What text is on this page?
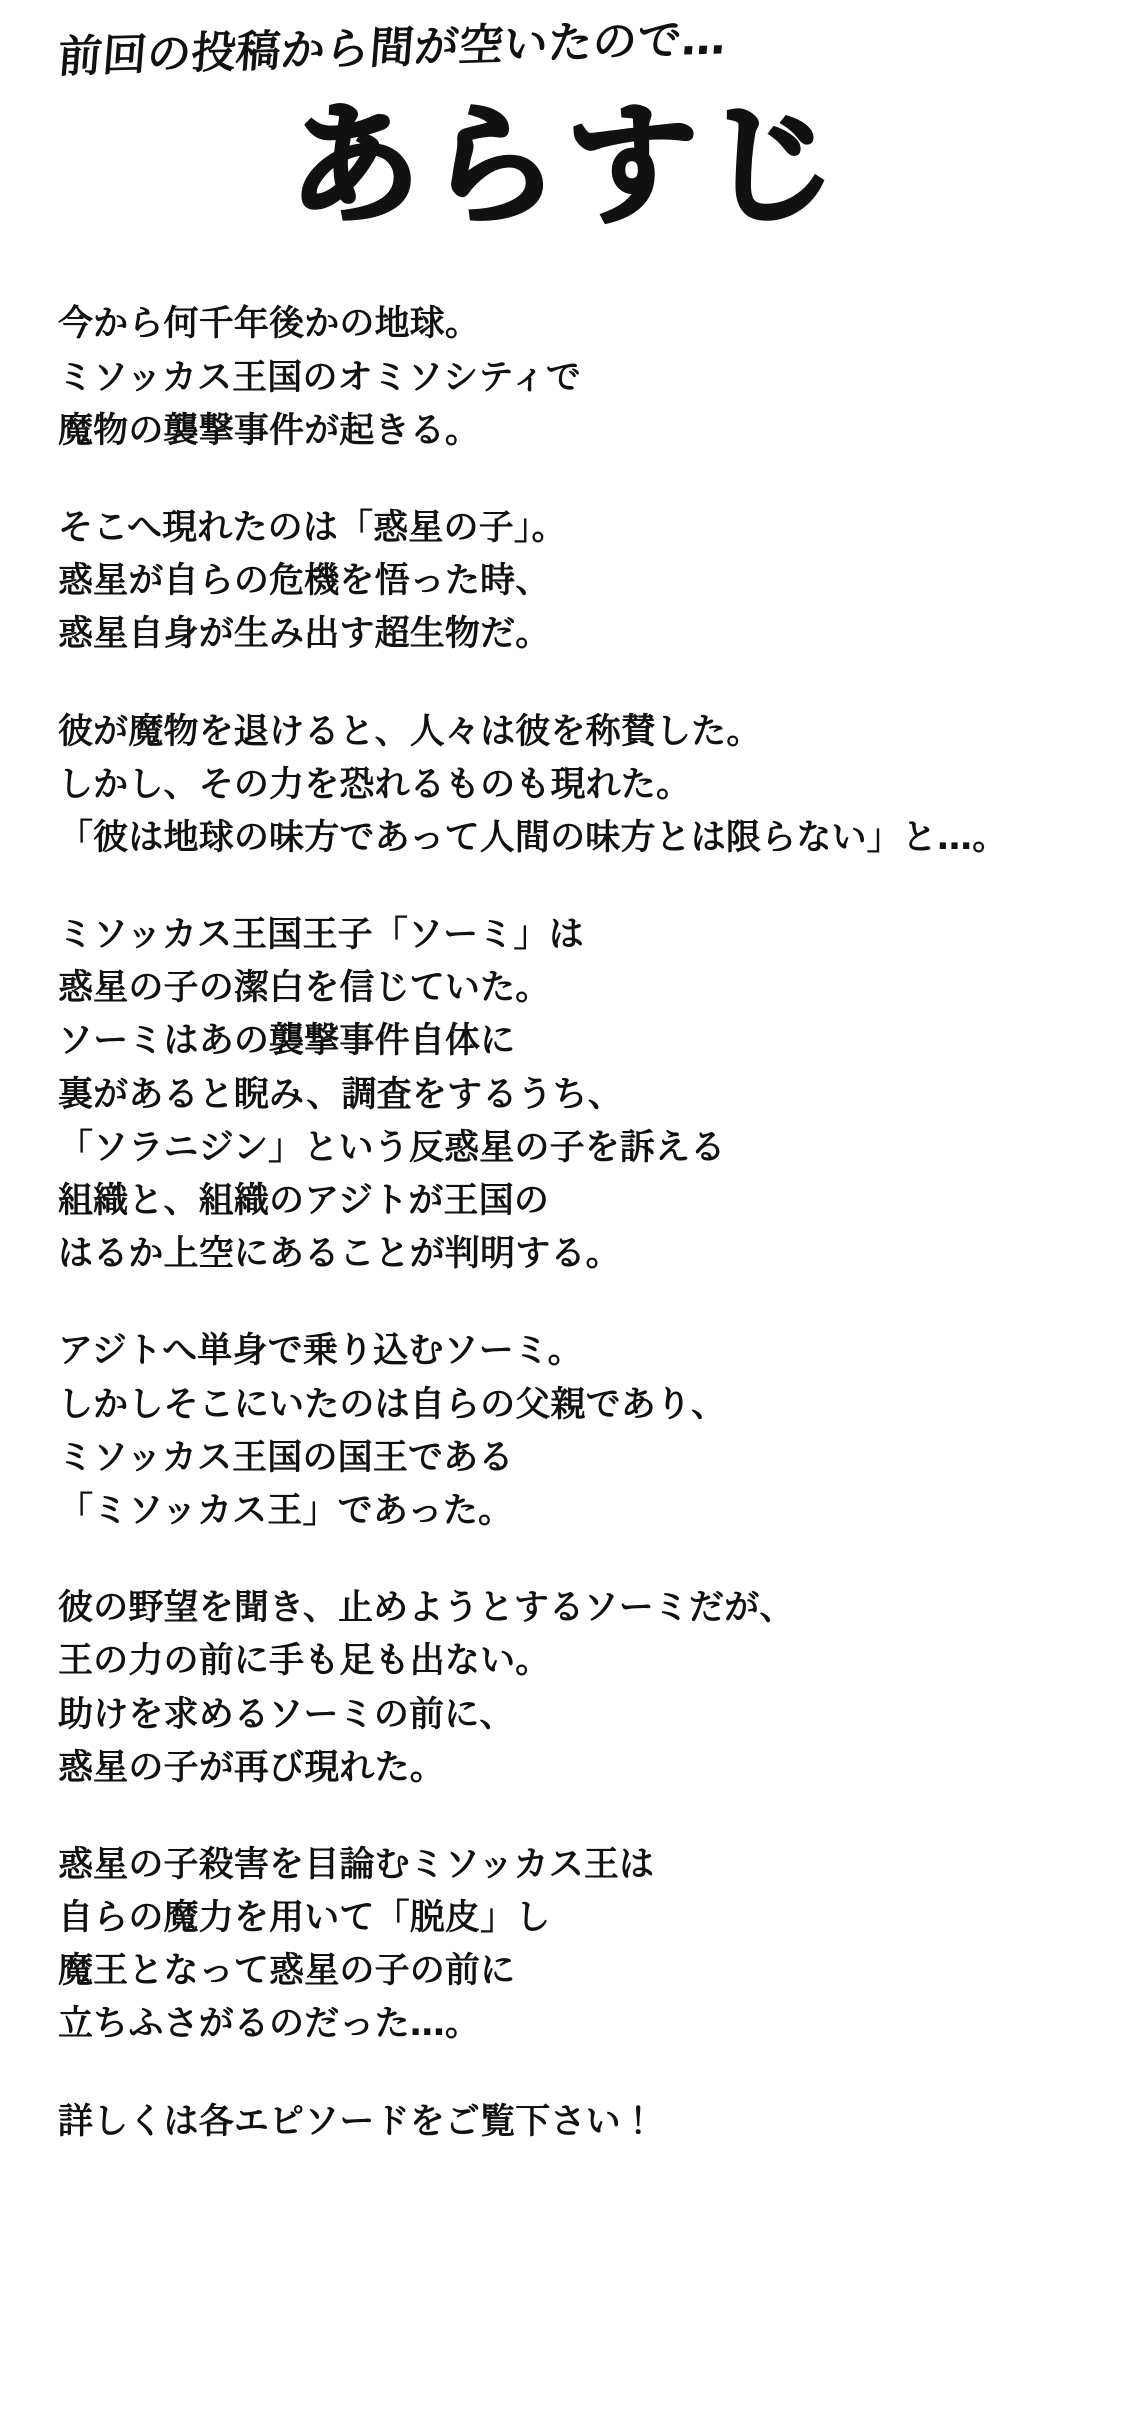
前回の投稿から間が空いたので…
あらすじ
今から何千年後かの地球。
ミソッカス王国のオミソシティで
魔物の襲撃事件が起きる。
そこへ現れたのは「惑星の子」。
惑星が自らの危機を悟った時、
惑星自身が生み出す超生物だ。
彼が魔物を退けると、人々は彼を称賛した。
しかし、その力を恐れるものも現れた。
「彼は地球の味方であって人間の味方とは限らない」と…。
ミソッカス王国王子「ソーミ」は
惑星の子の潔白を信じていた。
ソーミはあの襲撃事件自体に
裏があると睨み、調査をするうち、
「ソラニジン」という反惑星の子を訴える
組織と、組織のアジトが王国の
はるか上空にあることが判明する。
アジトへ単身で乗り込むソーミ。
しかしそこにいたのは自らの父親であり、
ミソッカス王国の国王である
「ミソッカス王」であった。
彼の野望を聞き、止めようとするソーミだが、
王の力の前に手も足も出ない。
助けを求めるソーミの前に、
惑星の子が再び現れた。
惑星の子殺害を目論むミソッカス王は
自らの魔力を用いて「脱皮」し
魔王となって惑星の子の前に
立ちふさがるのだった…。
詳しくは各エピソードをご覧下さい！
